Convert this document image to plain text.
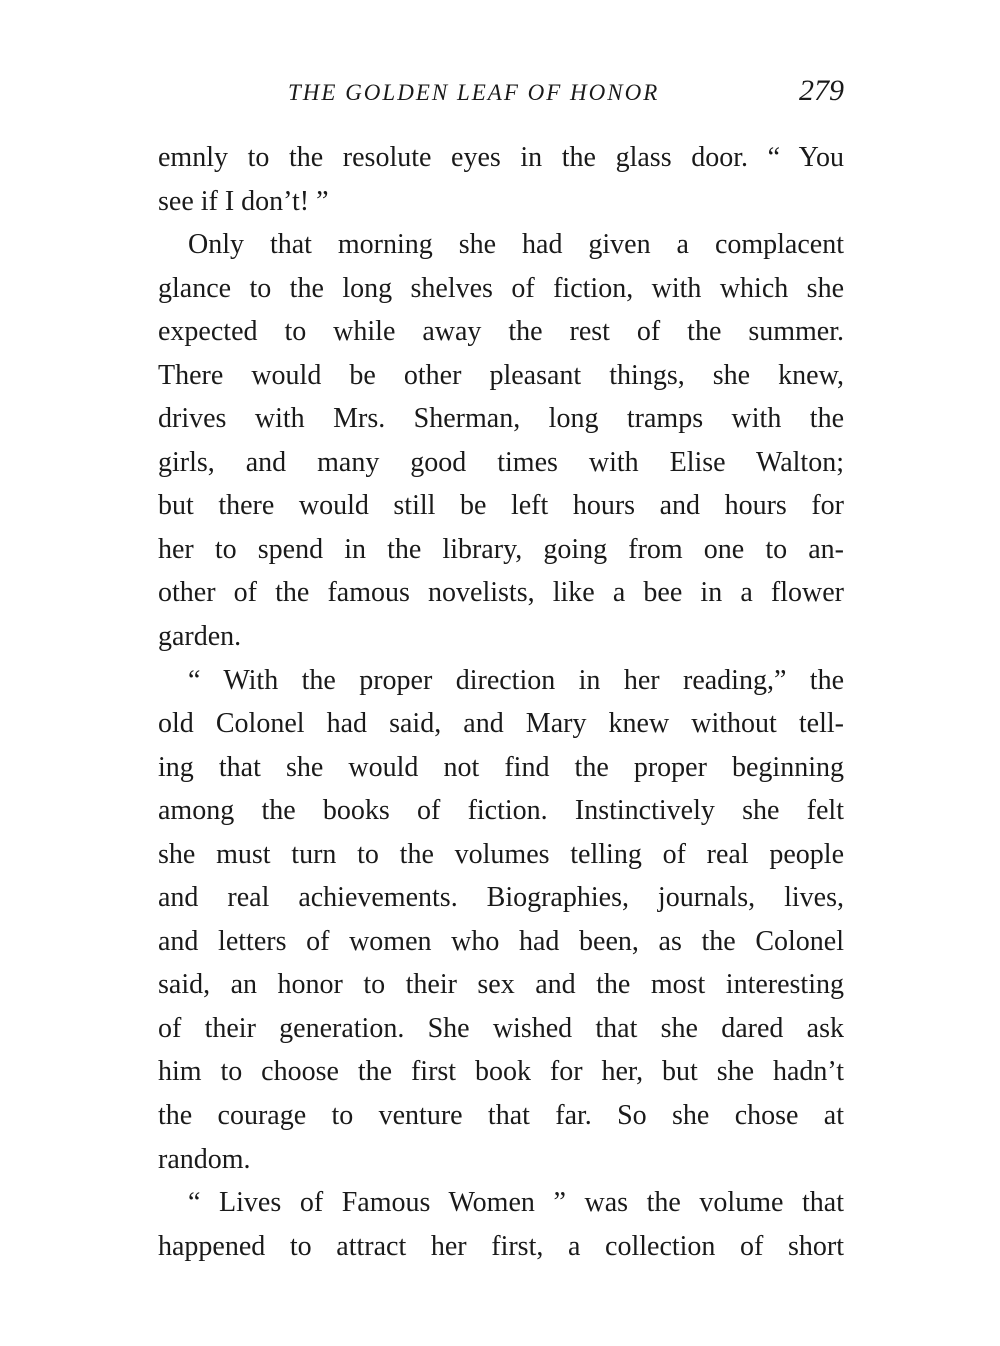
THE GOLDEN LEAF OF HONOR	279
emnly to the resolute eyes in the glass door. “ You
see if I don’t! ”
Only that morning she had given a complacent
glance to the long shelves of fiction, with which she
expected to while away the rest of the summer.
There would be other pleasant things, she knew,
drives with Mrs. Sherman, long tramps with the
girls, and many good times with Elise Walton;
but there would still be left hours and hours for
her to spend in the library, going from one to an-
other of the famous novelists, like a bee in a flower
garden.
“ With the proper direction in her reading,” the
old Colonel had said, and Mary knew without tell-
ing that she would not find the proper beginning
among the books of fiction. Instinctively she felt
she must turn to the volumes telling of real people
and real achievements. Biographies, journals, lives,
and letters of women who had been, as the Colonel
said, an honor to their sex and the most interesting
of their generation. She wished that she dared ask
him to choose the first book for her, but she hadn’t
the courage to venture that far. So she chose at
random.
“ Lives of Famous Women ” was the volume that
happened to attract her first, a collection of short
